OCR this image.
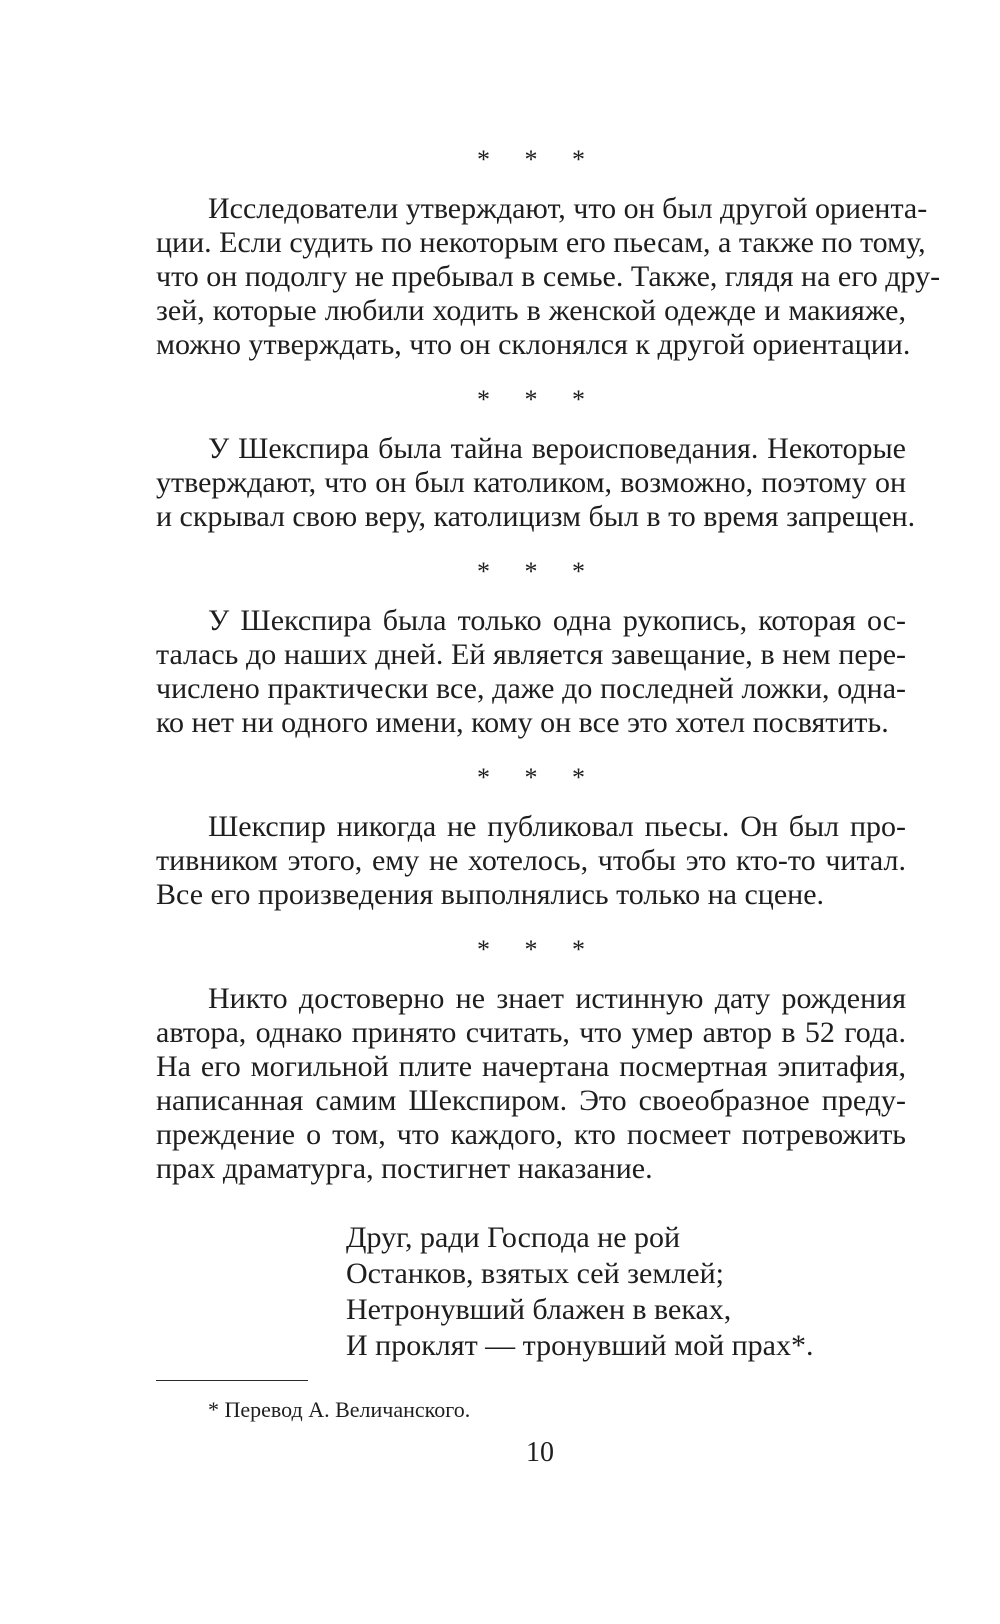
* * *

Исследователи утверждают, что он был другой ориента-
ции. Если судить по некоторым его пьесам, а также по тому,
что он подолгу не пребывал в семье. Также, глядя на его дру-
зей, которые любили ходить в женской одежде и макияже,
можно утверждать, что он склонялся к другой ориентации.

* * *

У Шекспира была тайна вероисповедания. Некоторые
утверждают, что он был католиком, возможно, поэтому он
и скрывал свою веру, католицизм был в то время запрещен.

* * *

У Шекспира была только одна рукопись, которая ос-
талась до наших дней. Ей является завещание, в нем пере-
числено практически все, даже до последней ложки, одна-
ко нет ни одного имени, кому он все это хотел посвятить.

* * *

Шекспир никогда не публиковал пьесы. Он был про-
тивником этого, ему не хотелось, чтобы это кто-то читал.
Все его произведения выполнялись только на сцене.

* * *

Никто достоверно не знает истинную дату рождения
автора, однако принято считать, что умер автор в 52 года.
На его могильной плите начертана посмертная эпитафия,
написанная самим Шекспиром. Это своеобразное преду-
преждение о том, что каждого, кто посмеет потревожить
прах драматурга, постигнет наказание.

Друг, ради Господа не рой
Останков, взятых сей землей;
Нетронувший блажен в веках,
И проклят — тронувший мой прах*.
* Перевод А. Величанского.
10
